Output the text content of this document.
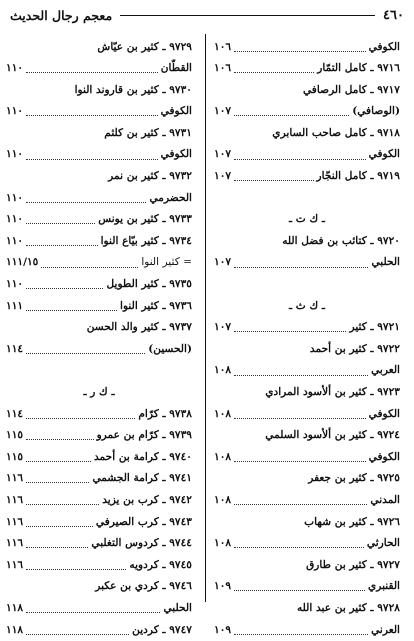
٤٦٠
معجم رجال الحديث
الكوفي
١٠٦
٩٧١٦ ـ كامل التمّار
١٠٦
٩٧١٧ ـ كامل الرصافي
(الوصافي)
١٠٧
٩٧١٨ ـ كامل صاحب السابري
الكوفي
١٠٧
٩٧١٩ ـ كامل النجّار
١٠٧
ـ ك ت ـ
٩٧٢٠ ـ كتائب بن فضل الله
الحلبي
١٠٧
ـ ك ث ـ
٩٧٢١ ـ كثير
١٠٧
٩٧٢٢ ـ كثير بن أحمد
العربي
١٠٨
٩٧٢٣ ـ كثير بن ألأسود المرادي
الكوفي
١٠٨
٩٧٢٤ ـ كثير بن ألأسود السلمي
الكوفي
١٠٨
٩٧٢٥ ـ كثير بن جعفر
المدني
١٠٨
٩٧٢٦ ـ كثير بن شهاب
الحارثي
١٠٨
٩٧٢٧ ـ كثير بن طارق
القنبري
١٠٩
٩٧٢٨ ـ كثير بن عبد الله
العرني
١٠٩
٩٧٢٩ ـ كثير بن عيّاش
القطّان
١١٠
٩٧٣٠ ـ كثير بن قاروند النوا
الكوفي
١١٠
٩٧٣١ ـ كثير بن كلثم
الكوفي
١١٠
٩٧٣٢ ـ كثير بن نمر
الحضرمي
١١٠
٩٧٣٣ ـ كثير بن يونس
١١٠
٩٧٣٤ ـ كثير بيّاع النوا
١١٠
= كثير النوا
١١١/١٥
٩٧٣٥ ـ كثير الطويل
١١٠
٩٧٣٦ ـ كثير النوا
١١١
٩٧٣٧ ـ كثير والد الحسن
(الحسين)
١١٤
ـ ك ر ـ
٩٧٣٨ ـ كرّام
١١٤
٩٧٣٩ ـ كرّام بن عمرو
١١٥
٩٧٤٠ ـ كرامة بن أحمد
١١٥
٩٧٤١ ـ كرامة الجشمي
١١٦
٩٧٤٢ ـ كرب بن يزيد
١١٦
٩٧٤٣ ـ كرب الصيرفي
١١٦
٩٧٤٤ ـ كردوس التغلبي
١١٦
٩٧٤٥ ـ كردويه
١١٦
٩٧٤٦ ـ كردي بن عكبر
الحلبي
١١٨
٩٧٤٧ ـ كردين
١١٨
